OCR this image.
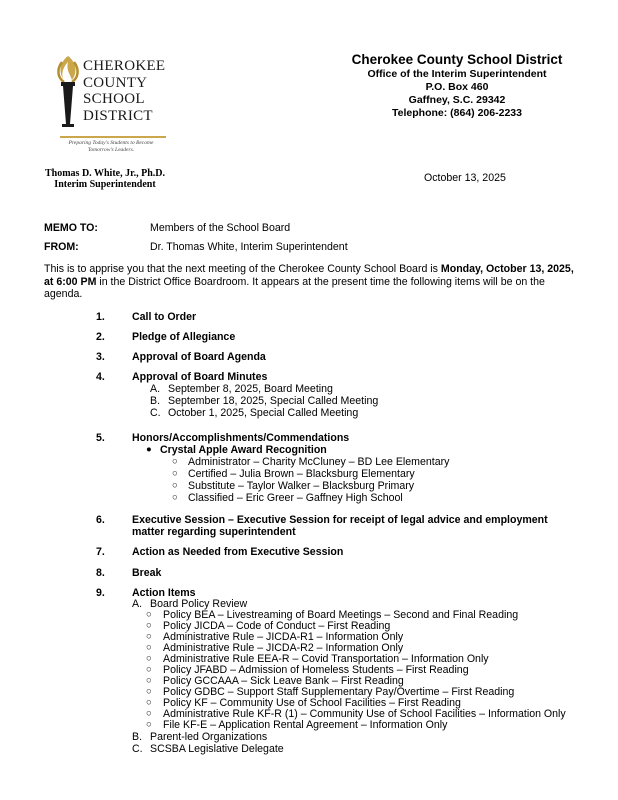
CHEROKEE
COUNTY
SCHOOL
DISTRICT
Preparing Today's Students to Become
Tomorrow's Leaders.
Cherokee County School District
Office of the Interim Superintendent
P.O. Box 460
Gaffney, S.C. 29342
Telephone: (864) 206-2233
Thomas D. White, Jr., Ph.D.
Interim Superintendent
October 13, 2025
MEMO TO:	Members of the School Board
FROM:	Dr. Thomas White, Interim Superintendent
This is to apprise you that the next meeting of the Cherokee County School Board is Monday, October 13, 2025, at 6:00 PM in the District Office Boardroom. It appears at the present time the following items will be on the agenda.
1.	Call to Order
2.	Pledge of Allegiance
3.	Approval of Board Agenda
4.	Approval of Board Minutes
A. September 8, 2025, Board Meeting
B. September 18, 2025, Special Called Meeting
C. October 1, 2025, Special Called Meeting
5.	Honors/Accomplishments/Commendations
● Crystal Apple Award Recognition
○ Administrator – Charity McCluney – BD Lee Elementary
○ Certified – Julia Brown – Blacksburg Elementary
○ Substitute – Taylor Walker – Blacksburg Primary
○ Classified – Eric Greer – Gaffney High School
6.	Executive Session – Executive Session for receipt of legal advice and employment
matter regarding superintendent
7.	Action as Needed from Executive Session
8.	Break
9.	Action Items
A. Board Policy Review
○ Policy BEA – Livestreaming of Board Meetings – Second and Final Reading
○ Policy JICDA – Code of Conduct – First Reading
○ Administrative Rule – JICDA-R1 – Information Only
○ Administrative Rule – JICDA-R2 – Information Only
○ Administrative Rule EEA-R – Covid Transportation – Information Only
○ Policy JFABD – Admission of Homeless Students – First Reading
○ Policy GCCAAA – Sick Leave Bank – First Reading
○ Policy GDBC – Support Staff Supplementary Pay/Overtime – First Reading
○ Policy KF – Community Use of School Facilities – First Reading
○ Administrative Rule KF-R (1) – Community Use of School Facilities – Information Only
○ File KF-E – Application Rental Agreement – Information Only
B. Parent-led Organizations
C. SCSBA Legislative Delegate
